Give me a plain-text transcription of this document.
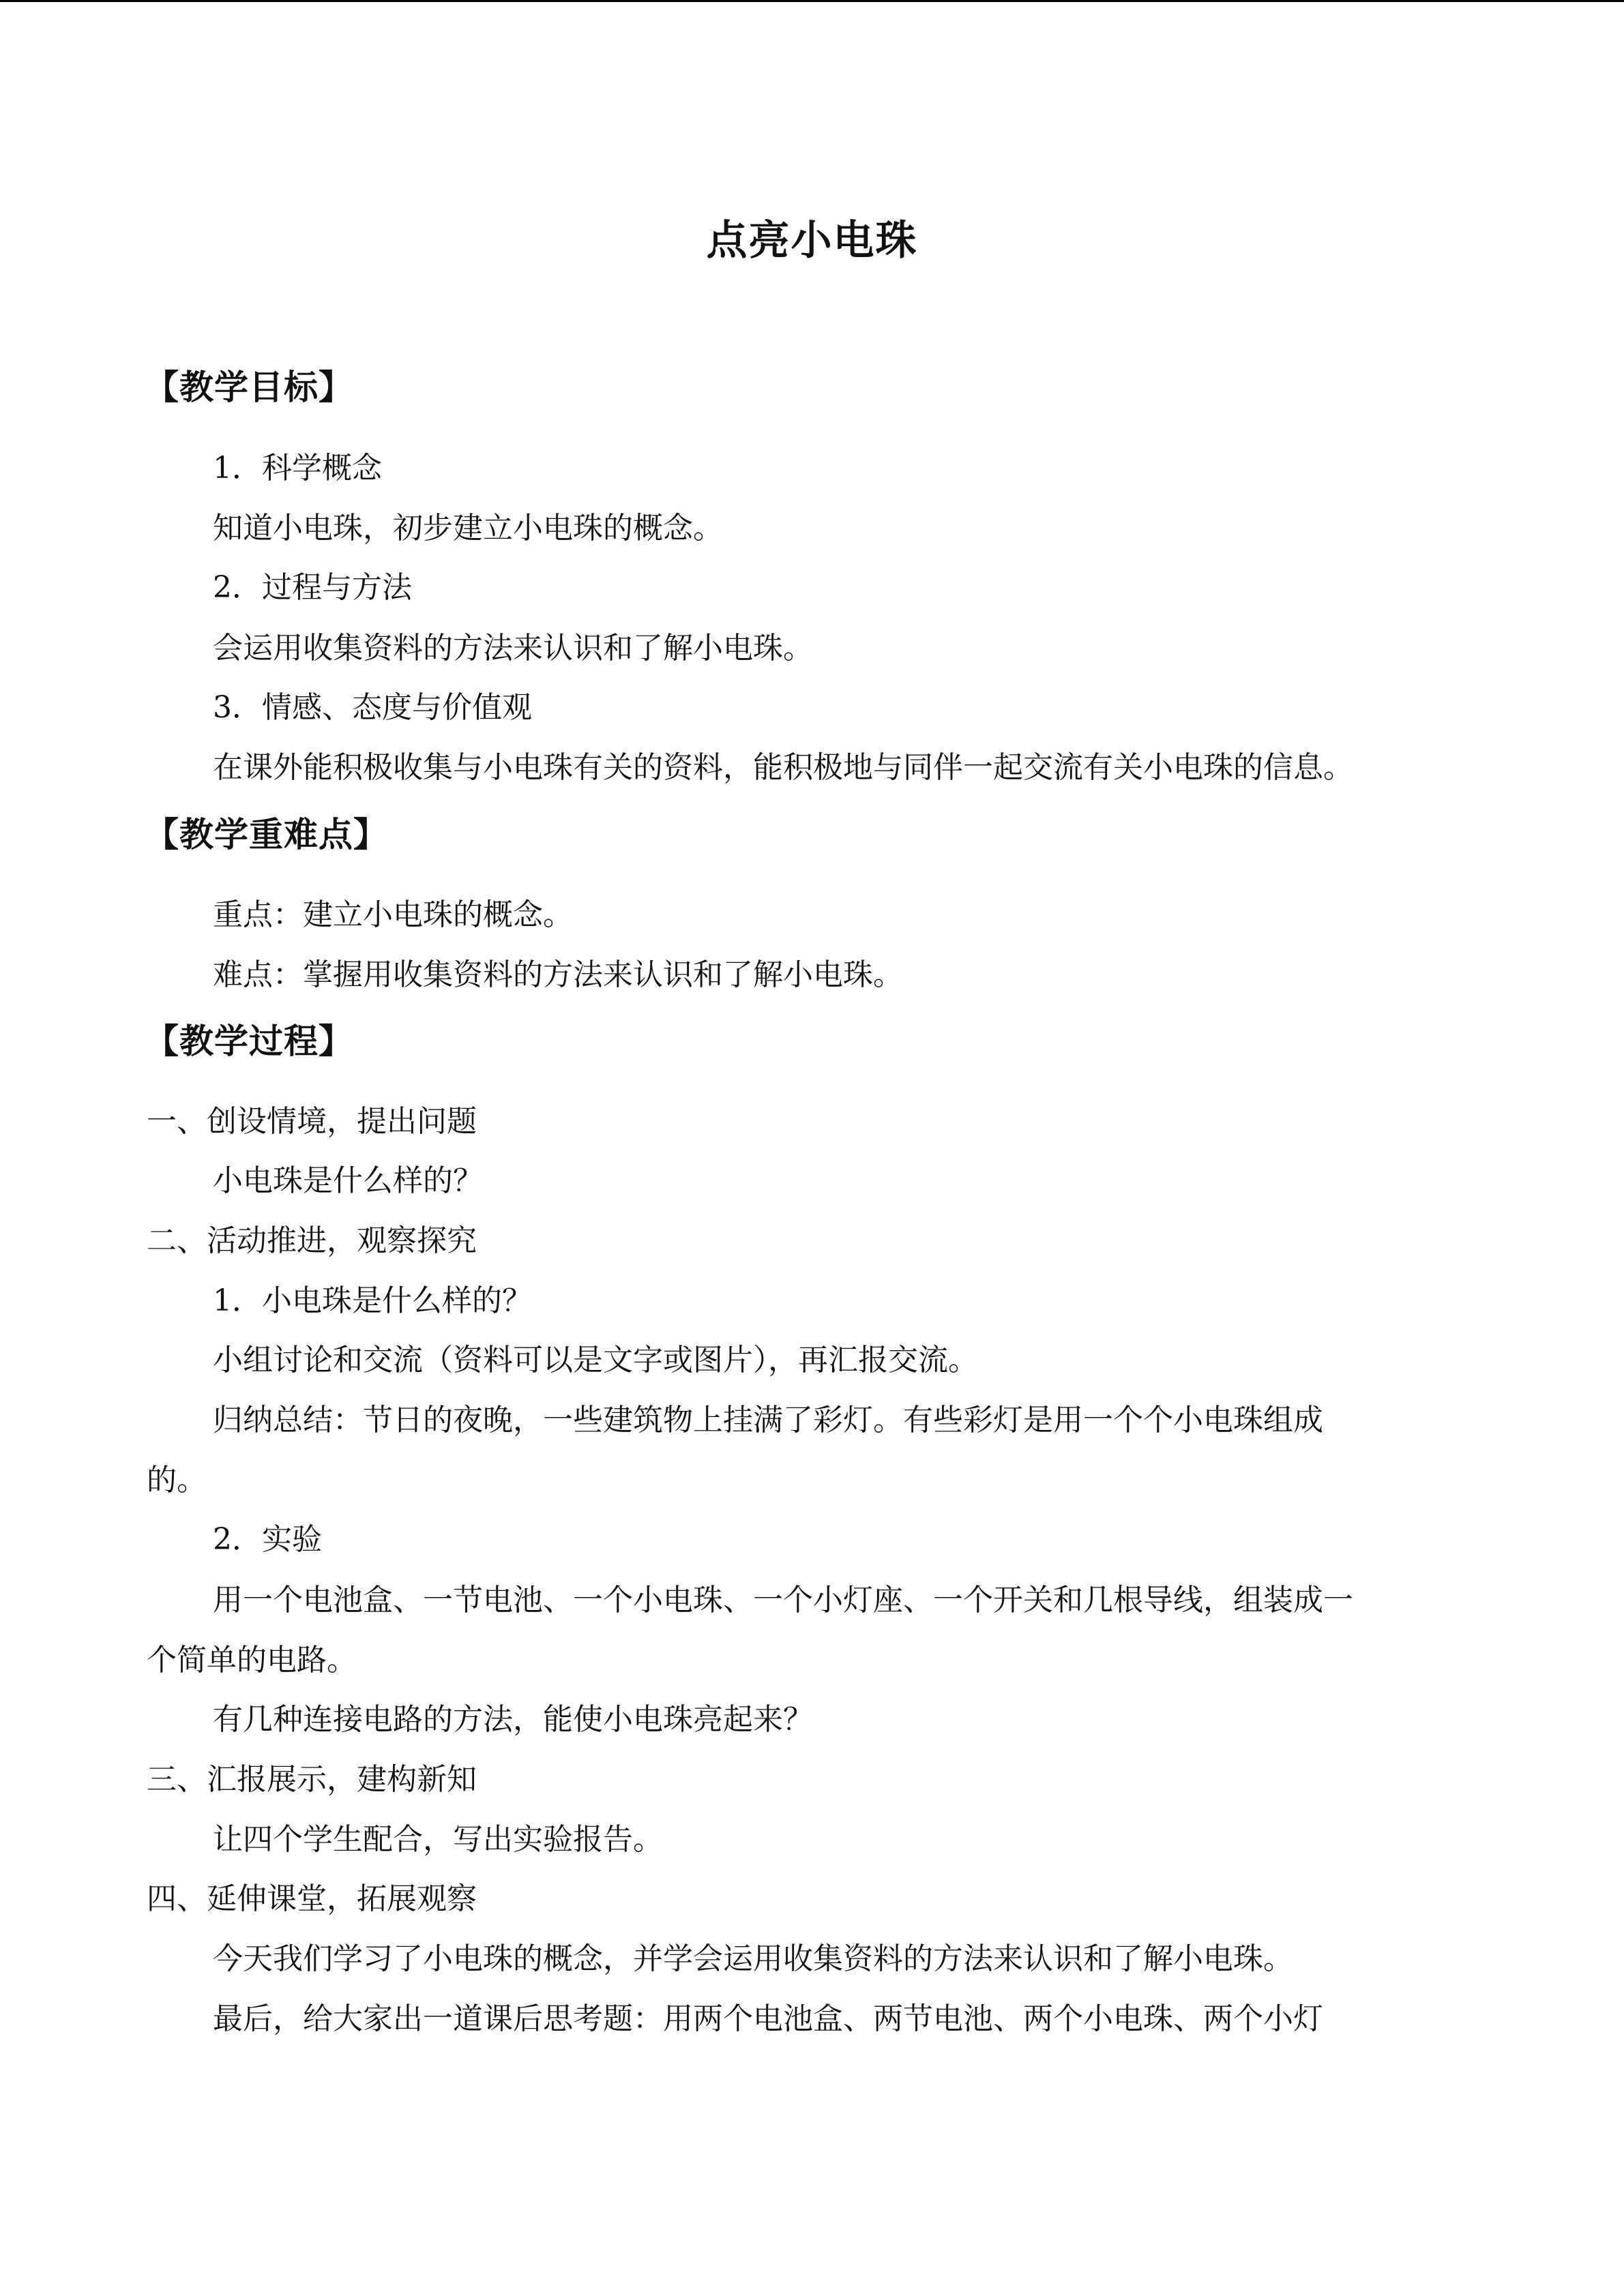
点亮小电珠
【教学目标】
1．科学概念
知道小电珠，初步建立小电珠的概念。
2．过程与方法
会运用收集资料的方法来认识和了解小电珠。
3．情感、态度与价值观
在课外能积极收集与小电珠有关的资料，能积极地与同伴一起交流有关小电珠的信息。
【教学重难点】
重点：建立小电珠的概念。
难点：掌握用收集资料的方法来认识和了解小电珠。
【教学过程】
一、创设情境，提出问题
小电珠是什么样的？
二、活动推进，观察探究
1．小电珠是什么样的？
小组讨论和交流（资料可以是文字或图片），再汇报交流。
归纳总结：节日的夜晚，一些建筑物上挂满了彩灯。有些彩灯是用一个个小电珠组成
的。
2．实验
用一个电池盒、一节电池、一个小电珠、一个小灯座、一个开关和几根导线，组装成一
个简单的电路。
有几种连接电路的方法，能使小电珠亮起来？
三、汇报展示，建构新知
让四个学生配合，写出实验报告。
四、延伸课堂，拓展观察
今天我们学习了小电珠的概念，并学会运用收集资料的方法来认识和了解小电珠。
最后，给大家出一道课后思考题：用两个电池盒、两节电池、两个小电珠、两个小灯
